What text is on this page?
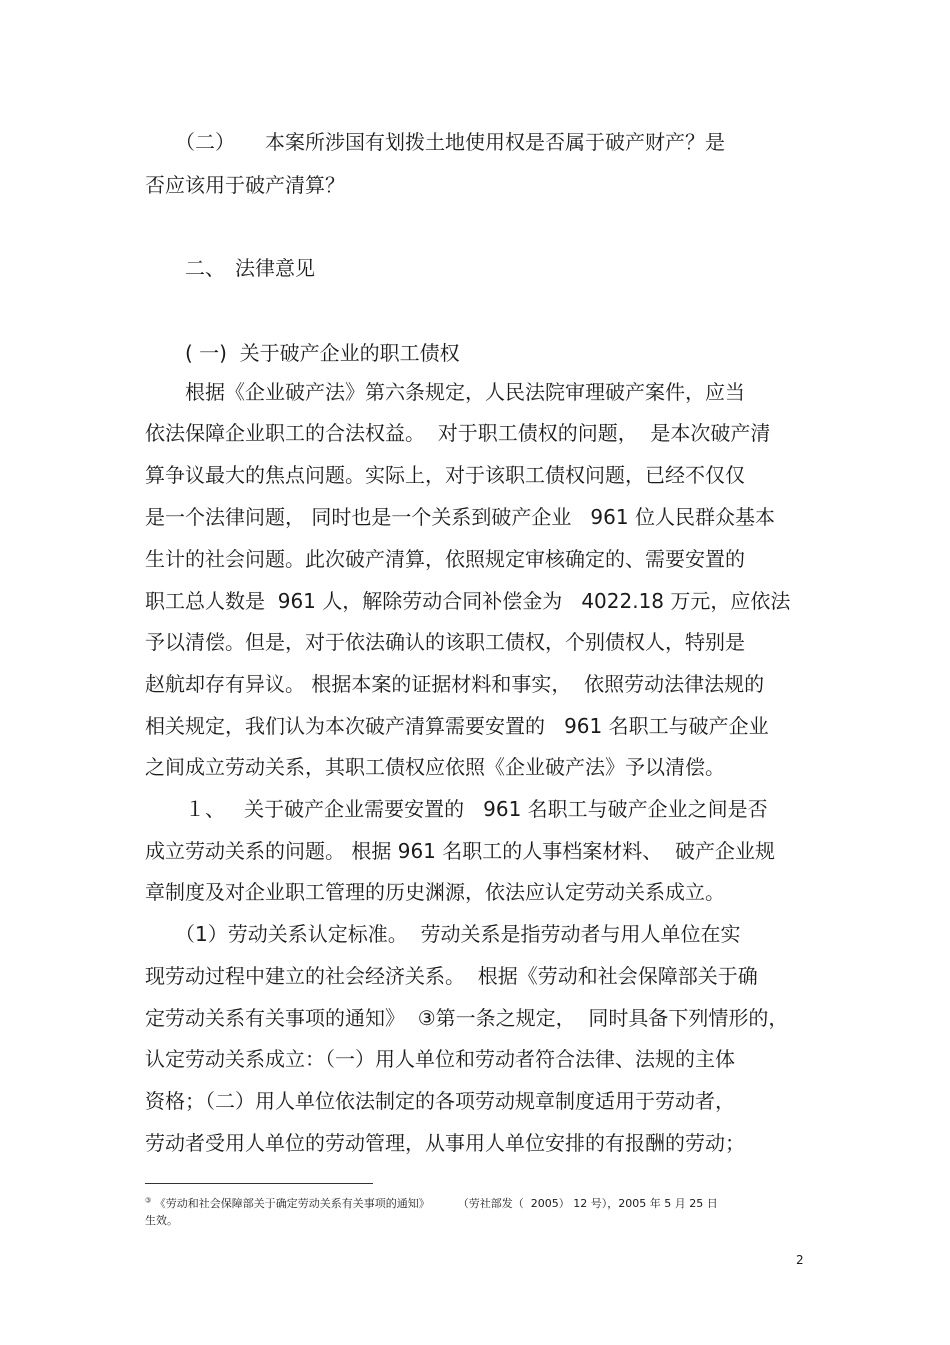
　　（二）　　本案所涉国有划拨土地使用权是否属于破产财产？是

否应该用于破产清算？

　　二、　法律意见

　　( 一)  关于破产企业的职工债权

　　根据《企业破产法》第六条规定，人民法院审理破产案件，应当

依法保障企业职工的合法权益。  对于职工债权的问题，  是本次破产清

算争议最大的焦点问题。实际上，对于该职工债权问题，已经不仅仅

是一个法律问题， 同时也是一个关系到破产企业   961 位人民群众基本

生计的社会问题。此次破产清算，依照规定审核确定的、需要安置的

职工总人数是  961 人，解除劳动合同补偿金为   4022.18 万元，应依法

予以清偿。但是，对于依法确认的该职工债权，个别债权人，特别是

赵航却存有异议。 根据本案的证据材料和事实，  依照劳动法律法规的

相关规定，我们认为本次破产清算需要安置的   961 名职工与破产企业

之间成立劳动关系，其职工债权应依照《企业破产法》予以清偿。

　　１、   关于破产企业需要安置的   961 名职工与破产企业之间是否

成立劳动关系的问题。 根据 961 名职工的人事档案材料、  破产企业规

章制度及对企业职工管理的历史渊源，依法应认定劳动关系成立。

　　（1）劳动关系认定标准。  劳动关系是指劳动者与用人单位在实

现劳动过程中建立的社会经济关系。  根据《劳动和社会保障部关于确

定劳动关系有关事项的通知》  ③第一条之规定，  同时具备下列情形的，

认定劳动关系成立：（一）用人单位和劳动者符合法律、法规的主体

资格；（二）用人单位依法制定的各项劳动规章制度适用于劳动者，

劳动者受用人单位的劳动管理，从事用人单位安排的有报酬的劳动；

③ 《劳动和社会保障部关于确定劳动关系有关事项的通知》        （劳社部发（  2005） 12 号），2005 年 5 月 25 日

生效。

2
